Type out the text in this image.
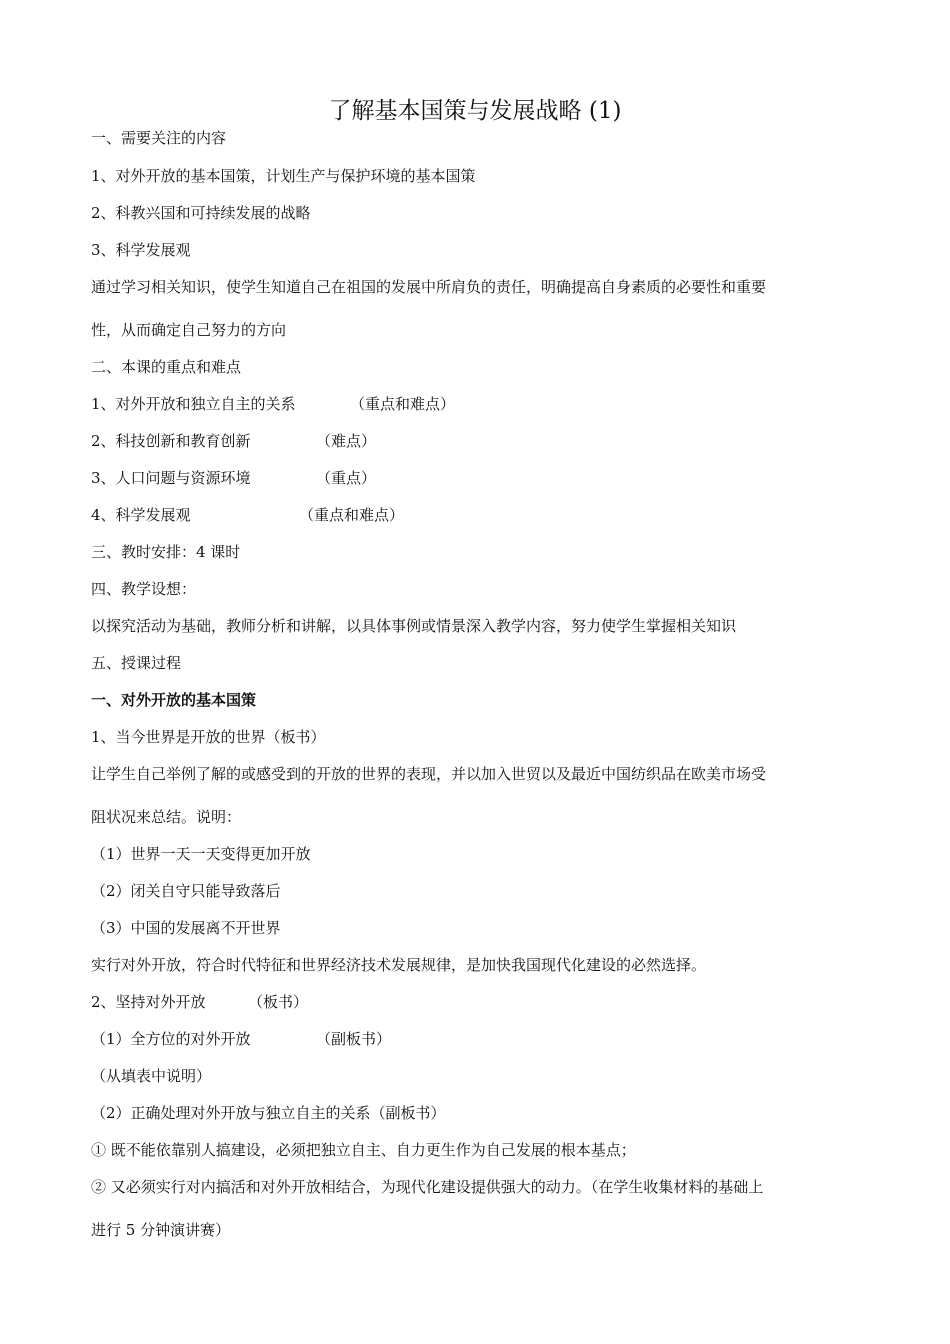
了解基本国策与发展战略 (1)

一、需要关注的内容

1、对外开放的基本国策，计划生产与保护环境的基本国策

2、科教兴国和可持续发展的战略

3、科学发展观

通过学习相关知识，使学生知道自己在祖国的发展中所肩负的责任，明确提高自身素质的必要性和重要

性，从而确定自己努力的方向

二、本课的重点和难点

1、对外开放和独立自主的关系	（重点和难点）

2、科技创新和教育创新	（难点）

3、人口问题与资源环境	（重点）

4、科学发展观	（重点和难点）

三、教时安排：4 课时

四、教学设想：

以探究活动为基础，教师分析和讲解，以具体事例或情景深入教学内容，努力使学生掌握相关知识

五、授课过程

一、对外开放的基本国策

1、当今世界是开放的世界（板书）

让学生自己举例了解的或感受到的开放的世界的表现，并以加入世贸以及最近中国纺织品在欧美市场受

阻状况来总结。说明：

（1）世界一天一天变得更加开放

（2）闭关自守只能导致落后

（3）中国的发展离不开世界

实行对外开放，符合时代特征和世界经济技术发展规律，是加快我国现代化建设的必然选择。

2、坚持对外开放	（板书）

（1）全方位的对外开放	（副板书）

（从填表中说明）

（2）正确处理对外开放与独立自主的关系（副板书）

① 既不能依靠别人搞建设，必须把独立自主、自力更生作为自己发展的根本基点；

② 又必须实行对内搞活和对外开放相结合，为现代化建设提供强大的动力。（在学生收集材料的基础上

进行 5 分钟演讲赛）
